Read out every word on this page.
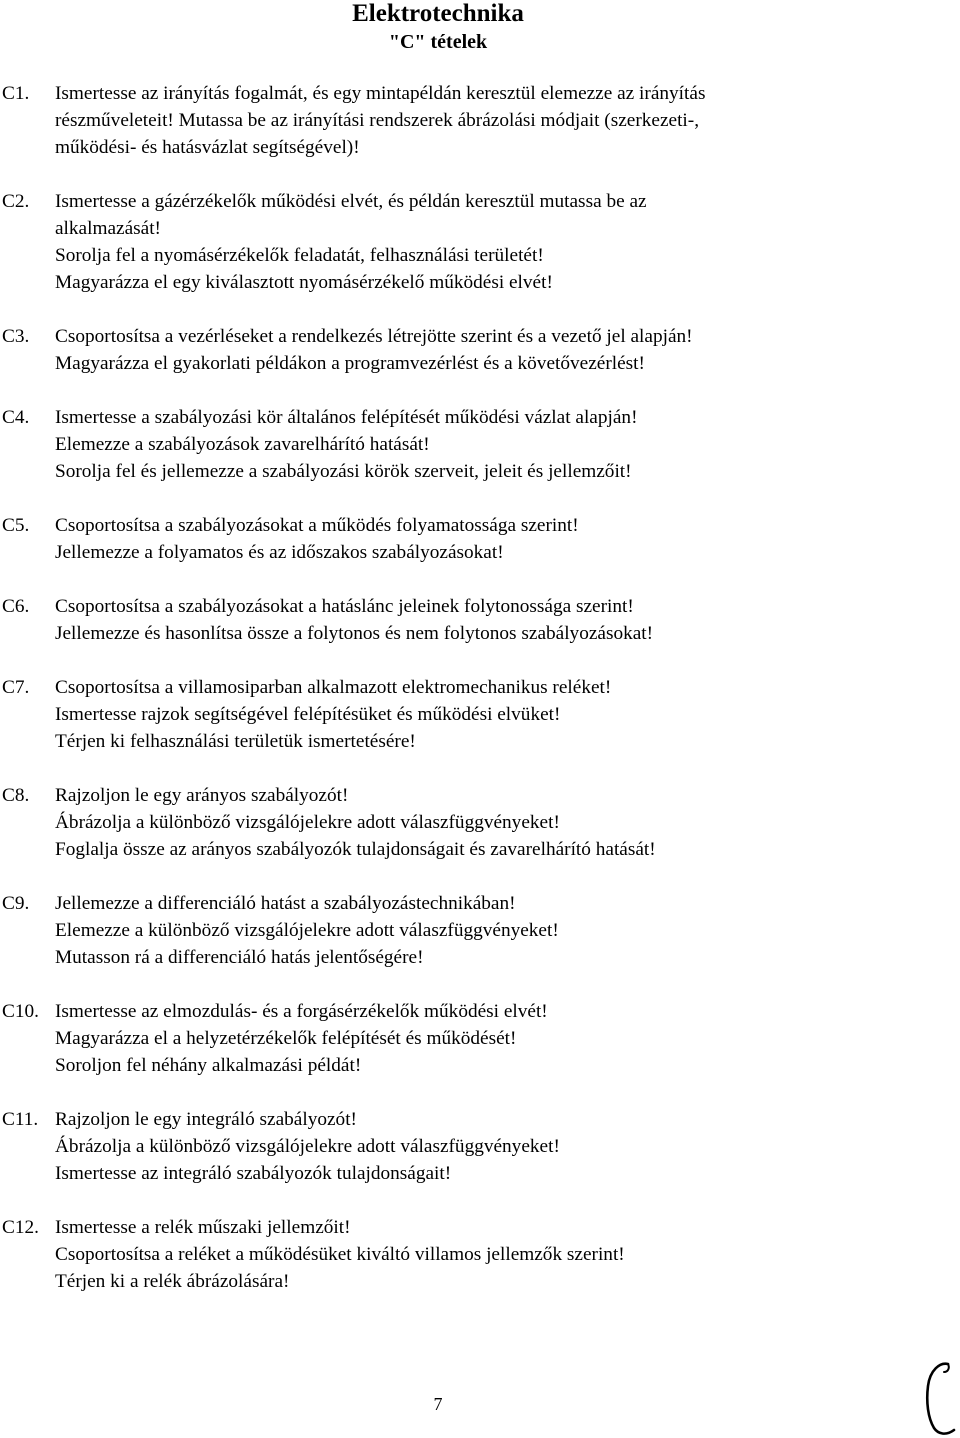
Elektrotechnika
"C" tételek
C1. Ismertesse az irányítás fogalmát, és egy mintapéldán keresztül elemezze az irányítás
részműveleteit! Mutassa be az irányítási rendszerek ábrázolási módjait (szerkezeti-,
működési- és hatásvázlat segítségével)!
C2. Ismertesse a gázérzékelők működési elvét, és példán keresztül mutassa be az
alkalmazását!
Sorolja fel a nyomásérzékelők feladatát, felhasználási területét!
Magyarázza el egy kiválasztott nyomásérzékelő működési elvét!
C3. Csoportosítsa a vezérléseket a rendelkezés létrejötte szerint és a vezető jel alapján!
Magyarázza el gyakorlati példákon a programvezérlést és a követővezérlést!
C4. Ismertesse a szabályozási kör általános felépítését működési vázlat alapján!
Elemezze a szabályozások zavarelhárító hatását!
Sorolja fel és jellemezze a szabályozási körök szerveit, jeleit és jellemzőit!
C5. Csoportosítsa a szabályozásokat a működés folyamatossága szerint!
Jellemezze a folyamatos és az időszakos szabályozásokat!
C6. Csoportosítsa a szabályozásokat a hatáslánc jeleinek folytonossága szerint!
Jellemezze és hasonlítsa össze a folytonos és nem folytonos szabályozásokat!
C7. Csoportosítsa a villamosiparban alkalmazott elektromechanikus reléket!
Ismertesse rajzok segítségével felépítésüket és működési elvüket!
Térjen ki felhasználási területük ismertetésére!
C8. Rajzoljon le egy arányos szabályozót!
Ábrázolja a különböző vizsgálójelekre adott válaszfüggvényeket!
Foglalja össze az arányos szabályozók tulajdonságait és zavarelhárító hatását!
C9. Jellemezze a differenciáló hatást a szabályozástechnikában!
Elemezze a különböző vizsgálójelekre adott válaszfüggvényeket!
Mutasson rá a differenciáló hatás jelentőségére!
C10. Ismertesse az elmozdulás- és a forgásérzékelők működési elvét!
Magyarázza el a helyzetérzékelők felépítését és működését!
Soroljon fel néhány alkalmazási példát!
C11. Rajzoljon le egy integráló szabályozót!
Ábrázolja a különböző vizsgálójelekre adott válaszfüggvényeket!
Ismertesse az integráló szabályozók tulajdonságait!
C12. Ismertesse a relék műszaki jellemzőit!
Csoportosítsa a reléket a működésüket kiváltó villamos jellemzők szerint!
Térjen ki a relék ábrázolására!
7
